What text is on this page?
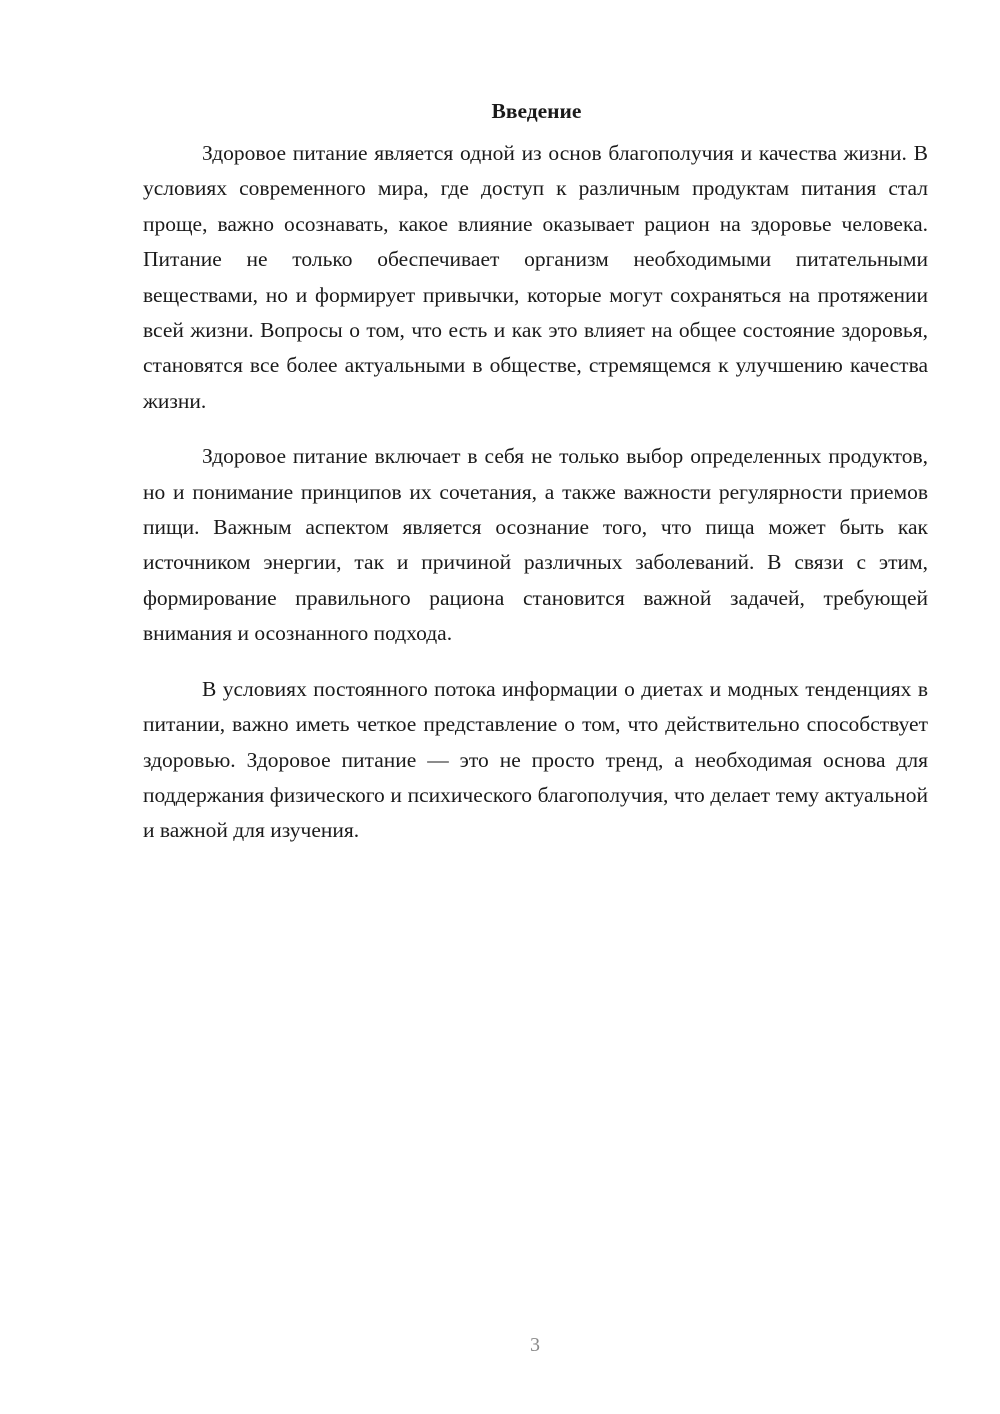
Введение

Здоровое питание является одной из основ благополучия и качества жизни. В условиях современного мира, где доступ к различным продуктам питания стал проще, важно осознавать, какое влияние оказывает рацион на здоровье человека. Питание не только обеспечивает организм необходимыми питательными веществами, но и формирует привычки, которые могут сохраняться на протяжении всей жизни. Вопросы о том, что есть и как это влияет на общее состояние здоровья, становятся все более актуальными в обществе, стремящемся к улучшению качества жизни.

Здоровое питание включает в себя не только выбор определенных продуктов, но и понимание принципов их сочетания, а также важности регулярности приемов пищи. Важным аспектом является осознание того, что пища может быть как источником энергии, так и причиной различных заболеваний. В связи с этим, формирование правильного рациона становится важной задачей, требующей внимания и осознанного подхода.

В условиях постоянного потока информации о диетах и модных тенденциях в питании, важно иметь четкое представление о том, что действительно способствует здоровью. Здоровое питание — это не просто тренд, а необходимая основа для поддержания физического и психического благополучия, что делает тему актуальной и важной для изучения.

3
